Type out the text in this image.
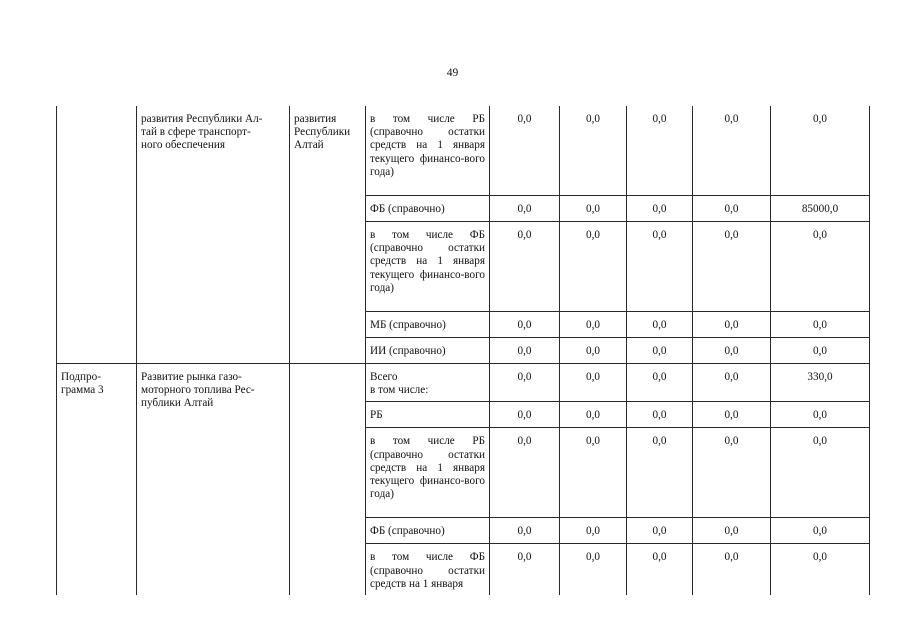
49
	развития Республики Ал-
тай в сфере транспорт-
ного обеспечения	развития
Республики
Алтай	в том числе РБ (справочно остатки средств на 1 января текущего финансо-вого года)	0,0	0,0	0,0	0,0	0,0
			ФБ (справочно)	0,0	0,0	0,0	0,0	85000,0
			в том числе ФБ (справочно остатки средств на 1 января текущего финансо-вого года)	0,0	0,0	0,0	0,0	0,0
			МБ (справочно)	0,0	0,0	0,0	0,0	0,0
			ИИ (справочно)	0,0	0,0	0,0	0,0	0,0
Подпро-
грамма 3	Развитие рынка газо-
моторного топлива Рес-
публики Алтай		Всего
в том числе:	0,0	0,0	0,0	0,0	330,0
			РБ	0,0	0,0	0,0	0,0	0,0
			в том числе РБ (справочно остатки средств на 1 января текущего финансо-вого года)	0,0	0,0	0,0	0,0	0,0
			ФБ (справочно)	0,0	0,0	0,0	0,0	0,0
			в том числе ФБ (справочно остатки средств на 1 января	0,0	0,0	0,0	0,0	0,0
